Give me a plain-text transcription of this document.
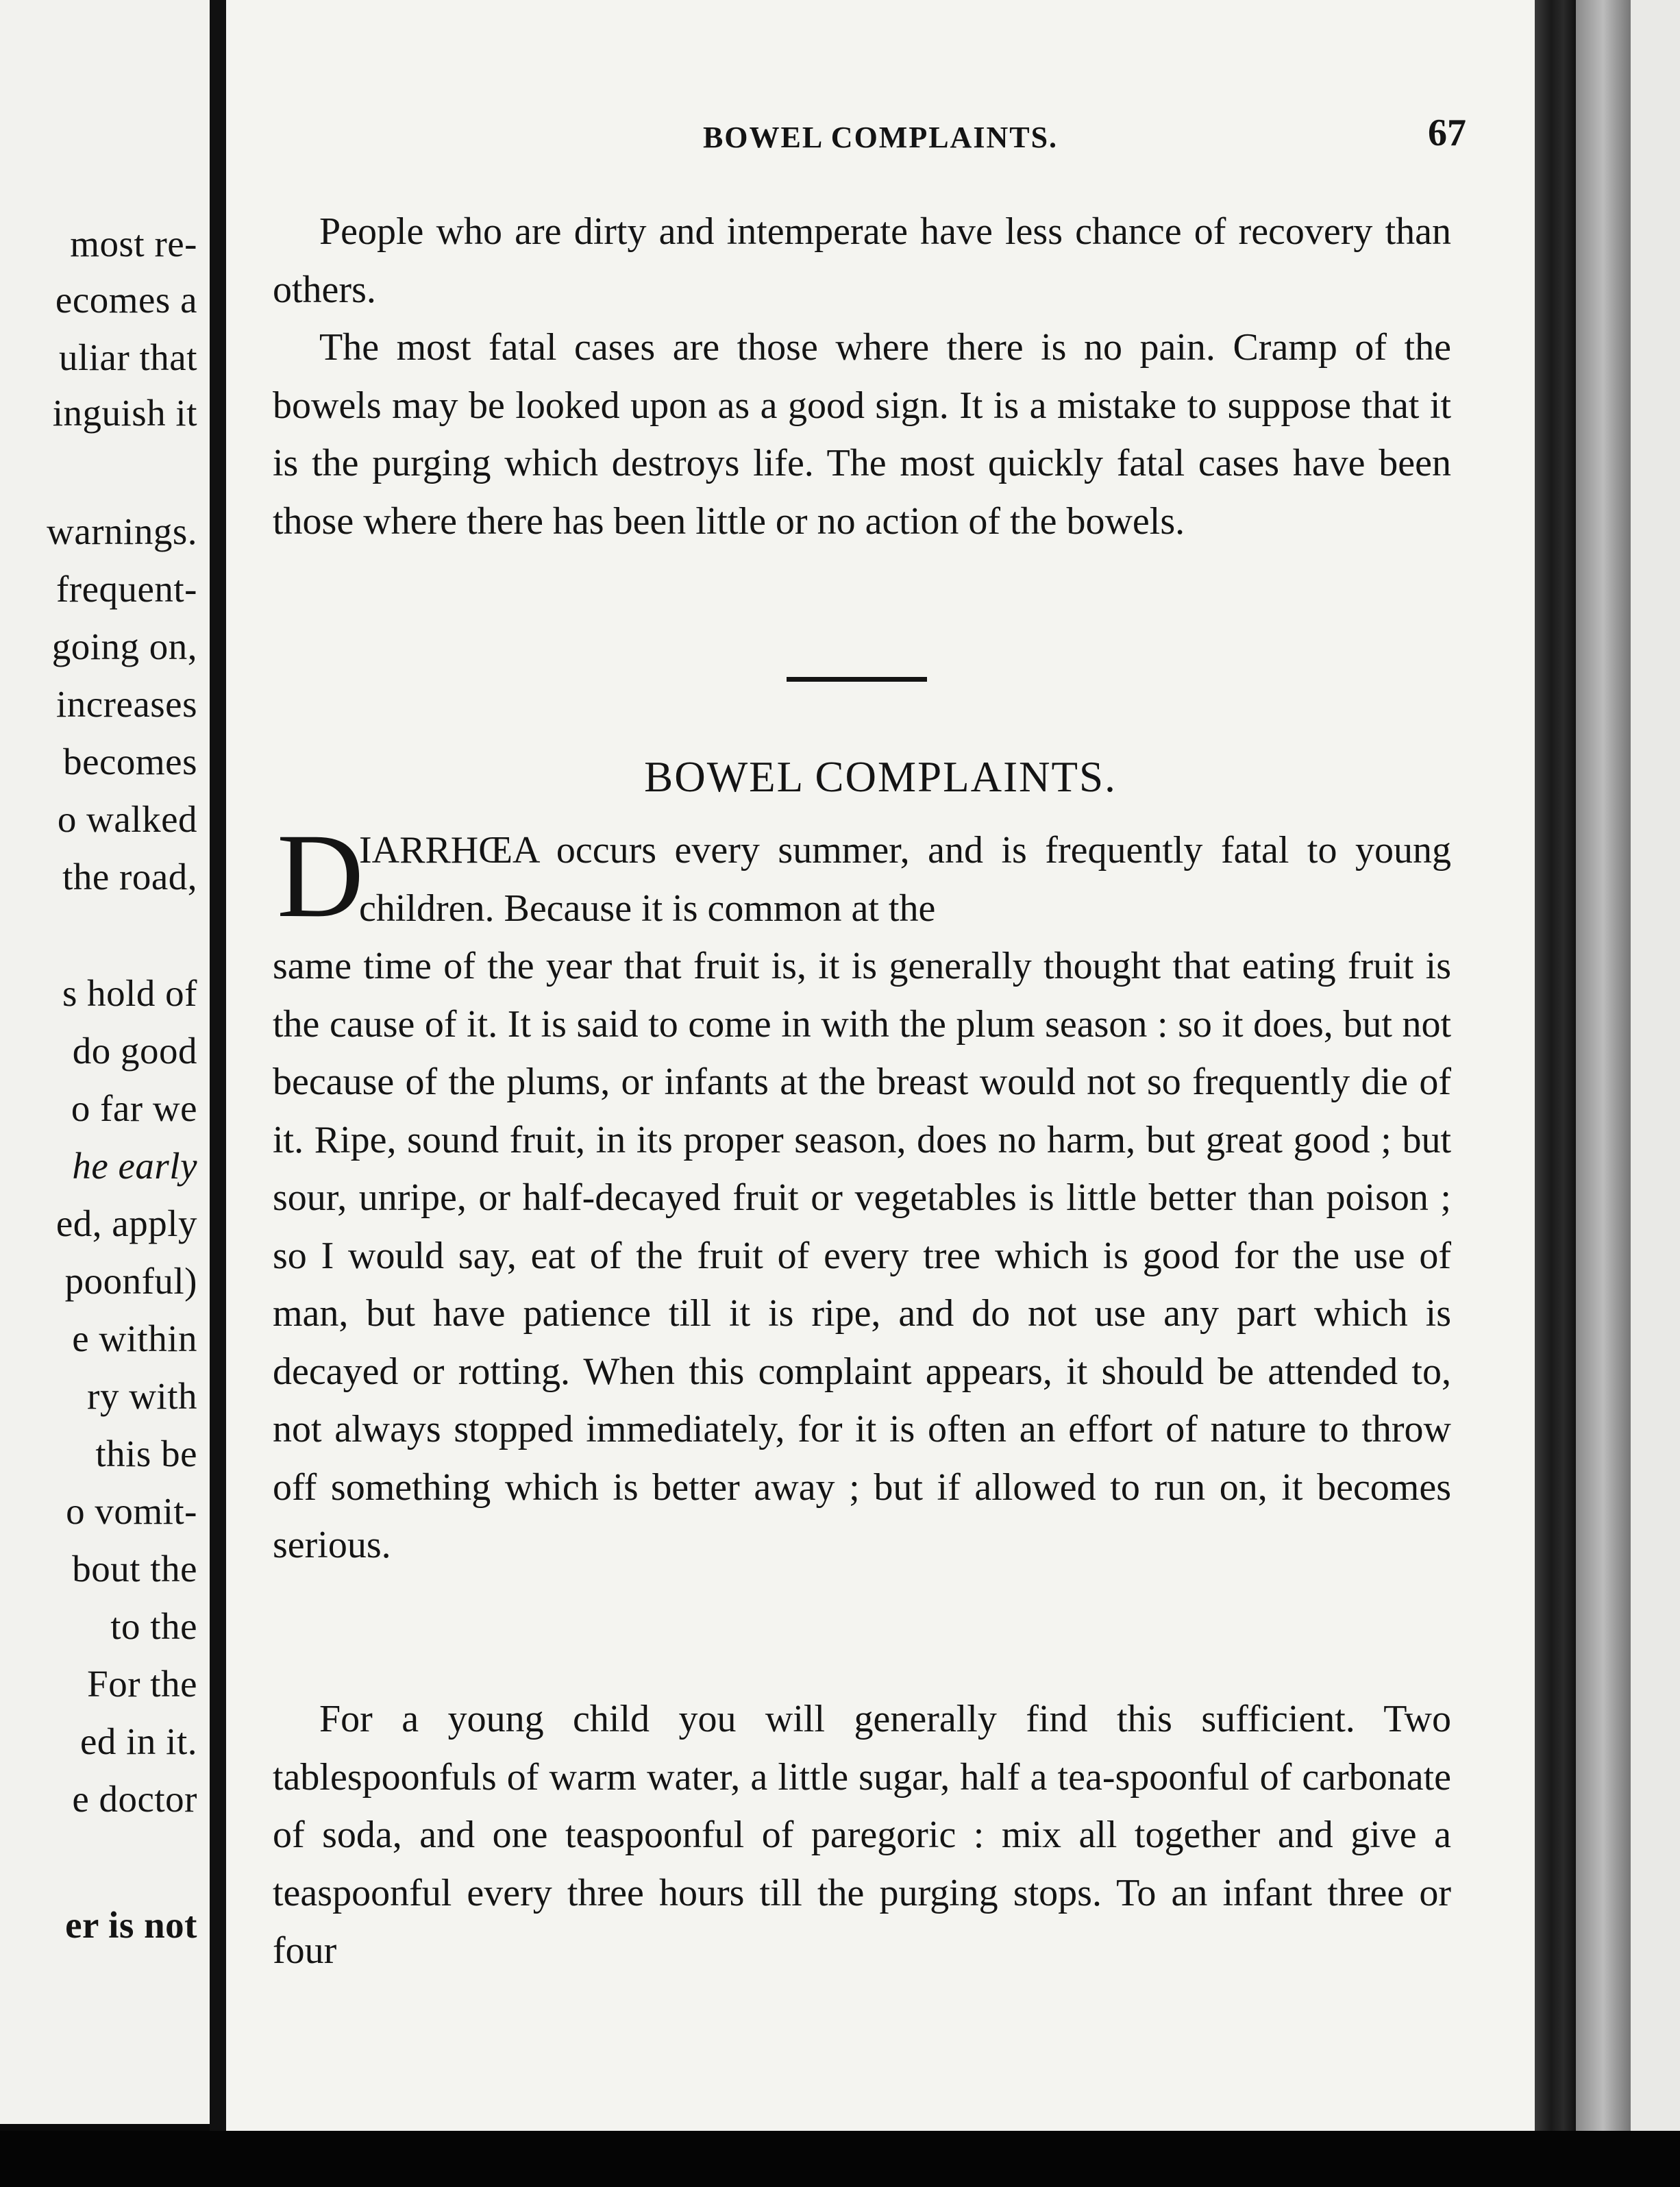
most re-
ecomes a
uliar that
inguish it
warnings.
frequent-
going on,
increases
becomes
o walked
the road,
s hold of
do good
o far we
he early
ed, apply
poonful)
e within
ry with
this be
o vomit-
bout the
to the
For the
ed in it.
e doctor
er is not
BOWEL COMPLAINTS.	67
People who are dirty and intemperate have less chance of recovery than others.
The most fatal cases are those where there is no pain. Cramp of the bowels may be looked upon as a good sign. It is a mistake to suppose that it is the purging which destroys life. The most quickly fatal cases have been those where there has been little or no action of the bowels.
BOWEL COMPLAINTS.
D
IARRHŒA occurs every summer, and is frequently fatal to young children. Because it is common at the
same time of the year that fruit is, it is generally thought that eating fruit is the cause of it. It is said to come in with the plum season : so it does, but not because of the plums, or infants at the breast would not so frequently die of it. Ripe, sound fruit, in its proper season, does no harm, but great good ; but sour, unripe, or half-decayed fruit or vegetables is little better than poison ; so I would say, eat of the fruit of every tree which is good for the use of man, but have patience till it is ripe, and do not use any part which is decayed or rotting. When this complaint appears, it should be attended to, not always stopped immediately, for it is often an effort of nature to throw off something which is better away ; but if allowed to run on, it becomes serious.
For a young child you will generally find this sufficient. Two tablespoonfuls of warm water, a little sugar, half a tea-spoonful of carbonate of soda, and one teaspoonful of paregoric : mix all together and give a teaspoonful every three hours till the purging stops. To an infant three or four
